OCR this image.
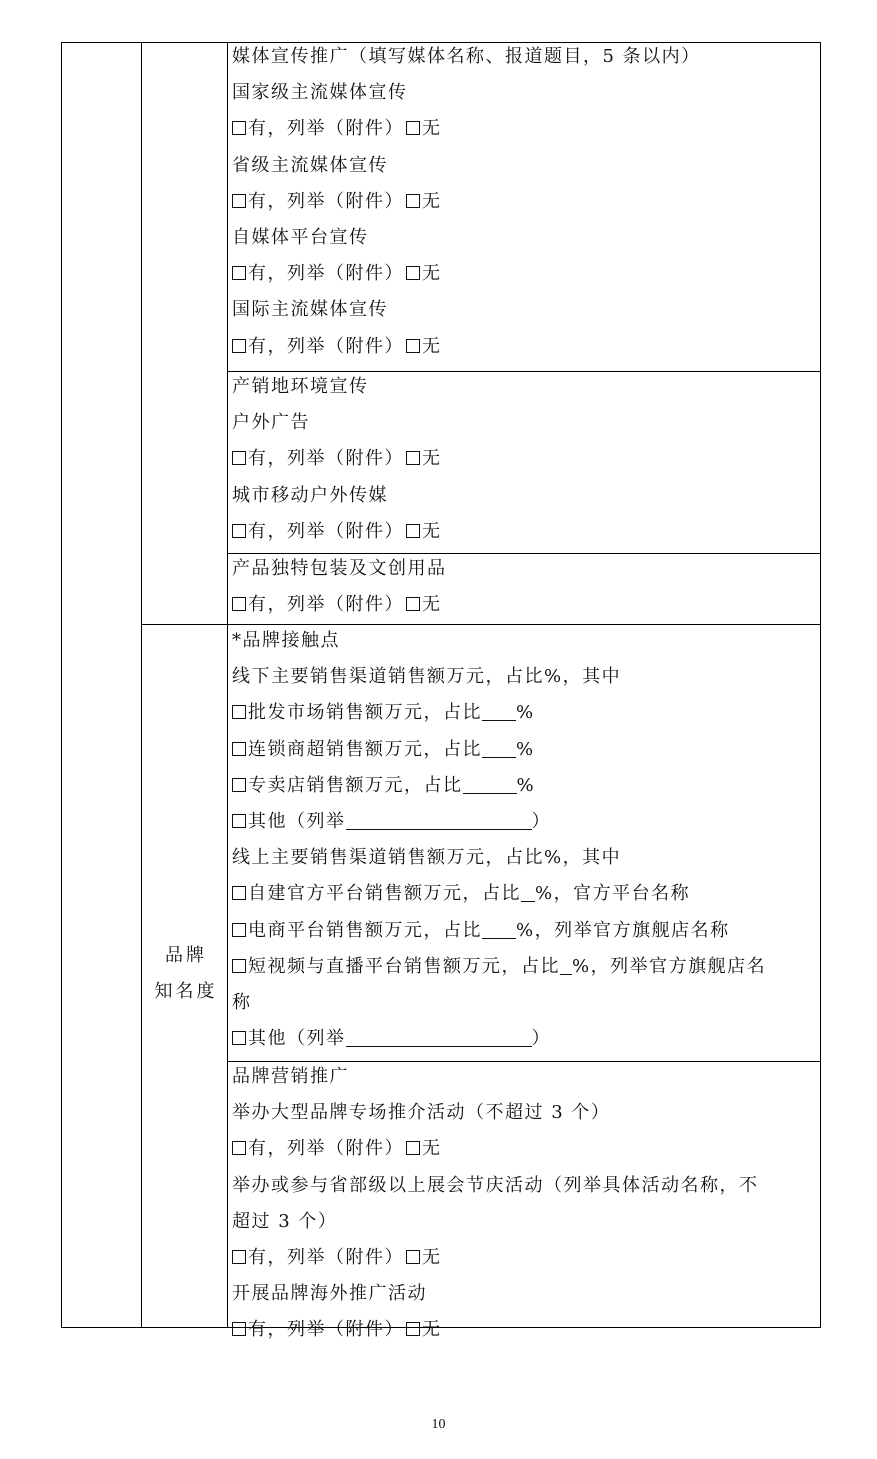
品牌
知名度
媒体宣传推广（填写媒体名称、报道题目，5 条以内）
国家级主流媒体宣传
有，列举（附件） 无
省级主流媒体宣传
有，列举（附件） 无
自媒体平台宣传
有，列举（附件） 无
国际主流媒体宣传
有，列举（附件） 无
产销地环境宣传
户外广告
有，列举（附件） 无
城市移动户外传媒
有，列举（附件） 无
产品独特包装及文创用品
有，列举（附件） 无
*品牌接触点
线下主要销售渠道销售额万元，占比%，其中
批发市场销售额万元，占比 %
连锁商超销售额万元，占比 %
专卖店销售额万元，占比	%
其他（列举	）
线上主要销售渠道销售额万元，占比%，其中
自建官方平台销售额万元，占比 %，官方平台名称
电商平台销售额万元，占比 %，列举官方旗舰店名称
短视频与直播平台销售额万元，占比 %，列举官方旗舰店名
称
其他（列举	）
品牌营销推广
举办大型品牌专场推介活动（不超过 3 个）
有，列举（附件） 无
举办或参与省部级以上展会节庆活动（列举具体活动名称，不
超过 3 个）
有，列举（附件） 无
开展品牌海外推广活动
有，列举（附件） 无
10
